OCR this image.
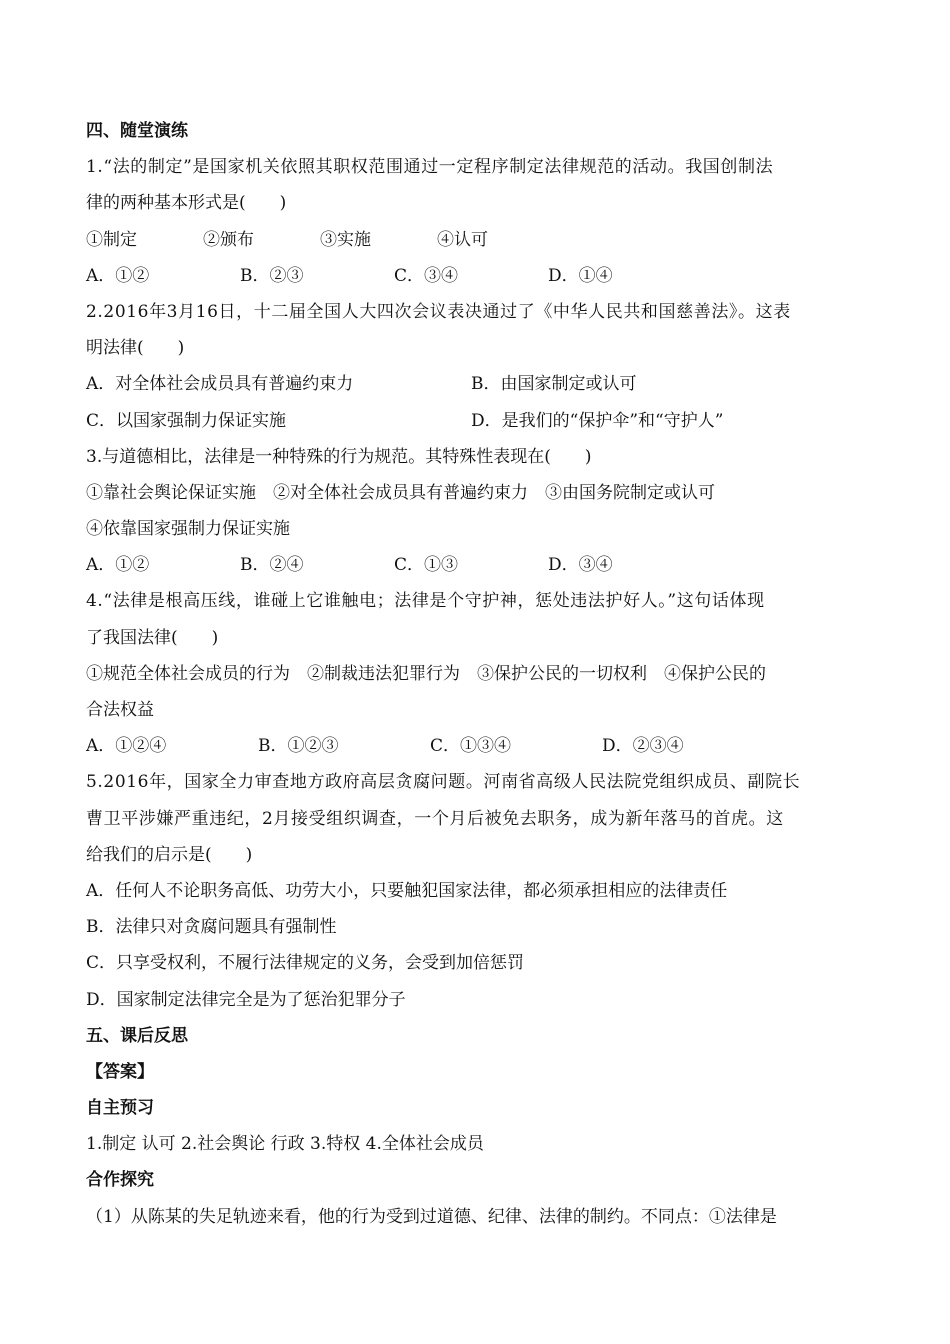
四、随堂演练
1.“法的制定”是国家机关依照其职权范围通过一定程序制定法律规范的活动。我国创制法
律的两种基本形式是(　　)
①制定	②颁布	③实施	④认可
A．①②	B．②③	C．③④	D．①④
2.2016年3月16日，十二届全国人大四次会议表决通过了《中华人民共和国慈善法》。这表
明法律(　　)
A．对全体社会成员具有普遍约束力	B．由国家制定或认可
C．以国家强制力保证实施	D．是我们的“保护伞”和“守护人”
3.与道德相比，法律是一种特殊的行为规范。其特殊性表现在(　　)
①靠社会舆论保证实施　②对全体社会成员具有普遍约束力　③由国务院制定或认可
④依靠国家强制力保证实施
A．①②	B．②④	C．①③	D．③④
4.“法律是根高压线，谁碰上它谁触电；法律是个守护神，惩处违法护好人。”这句话体现
了我国法律(　　)
①规范全体社会成员的行为　②制裁违法犯罪行为　③保护公民的一切权利　④保护公民的
合法权益
A．①②④	B．①②③	C．①③④	D．②③④
5.2016年，国家全力审查地方政府高层贪腐问题。河南省高级人民法院党组织成员、副院长
曹卫平涉嫌严重违纪，2月接受组织调查，一个月后被免去职务，成为新年落马的首虎。这
给我们的启示是(　　)
A．任何人不论职务高低、功劳大小，只要触犯国家法律，都必须承担相应的法律责任
B．法律只对贪腐问题具有强制性
C．只享受权利，不履行法律规定的义务，会受到加倍惩罚
D．国家制定法律完全是为了惩治犯罪分子
五、课后反思
【答案】
自主预习
1.制定 认可 2.社会舆论 行政 3.特权 4.全体社会成员
合作探究
（1）从陈某的失足轨迹来看，他的行为受到过道德、纪律、法律的制约。不同点：①法律是
